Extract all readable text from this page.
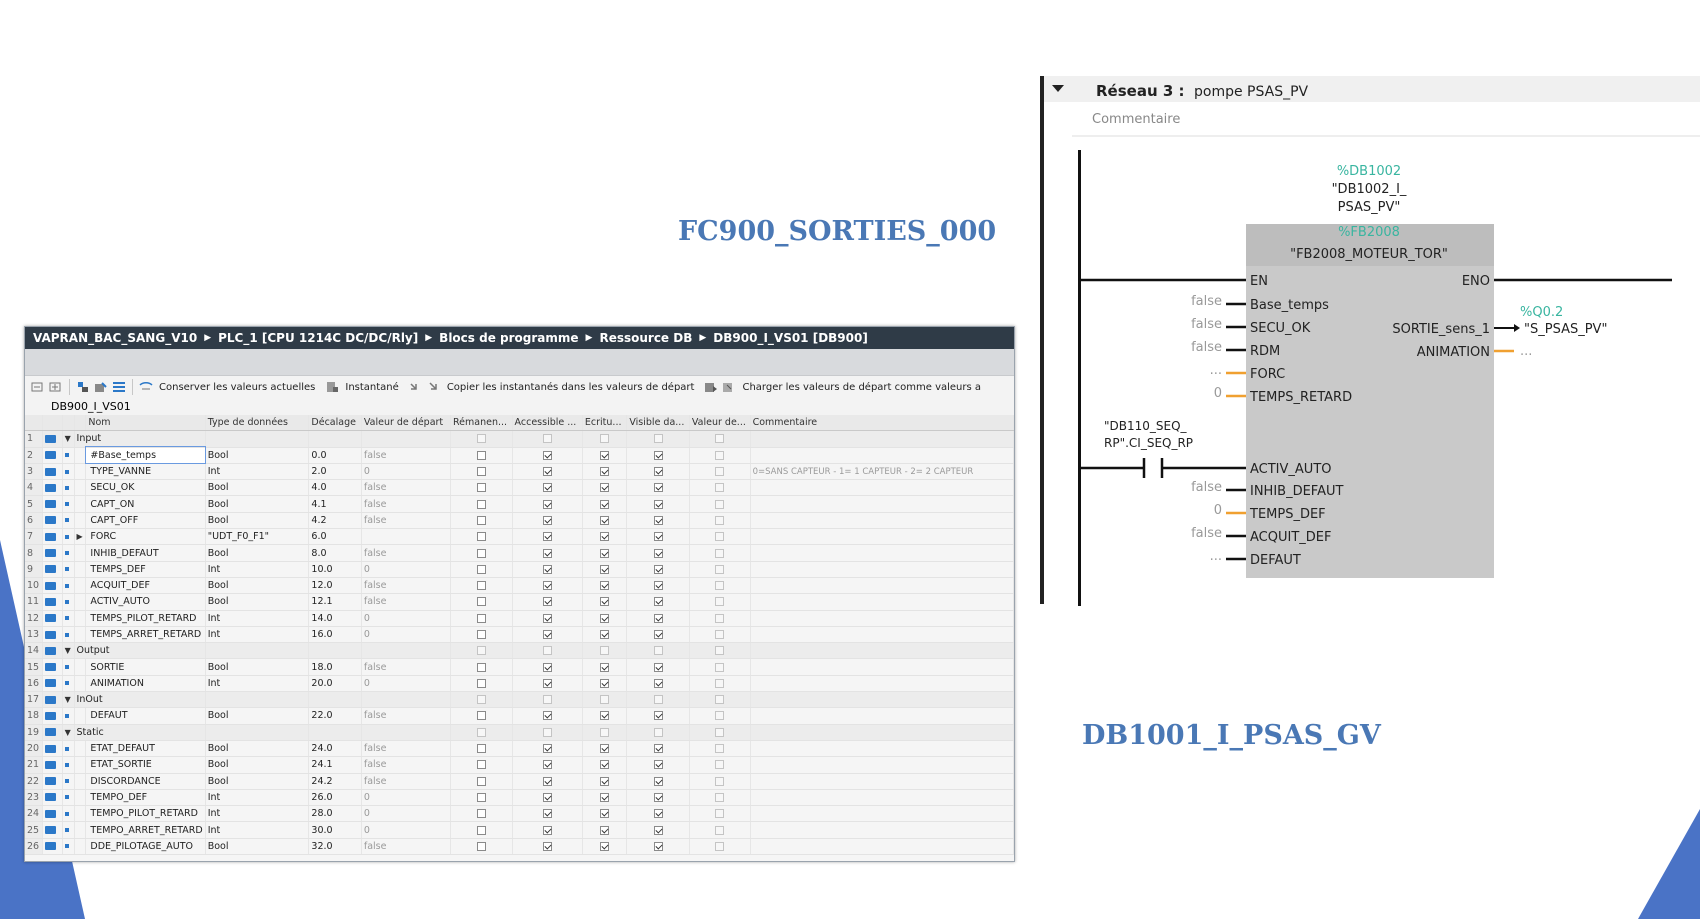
FC900_SORTIES_000
DB1001_I_PSAS_GV
VAPRAN_BAC_SANG_V10 ▶ PLC_1 [CPU 1214C DC/DC/Rly] ▶ Blocs de programme ▶ Ressource DB ▶ DB900_I_VS01 [DB900]
Conserver les valeurs actuelles	Instantané	Copier les instantanés dans les valeurs de départ	Charger les valeurs de départ comme valeurs a
DB900_I_VS01
				Nom	Type de données	Décalage	Valeur de départ	Rémanen...	Accessible ...	Ecritu...	Visible da...	Valeur de...	Commentaire
1		▼	Input										
2				#Base_temps	Bool	0.0	false						
3				TYPE_VANNE	Int	2.0	0						0=SANS CAPTEUR - 1= 1 CAPTEUR - 2= 2 CAPTEUR
4				SECU_OK	Bool	4.0	false						
5				CAPT_ON	Bool	4.1	false						
6				CAPT_OFF	Bool	4.2	false						
7			▶	FORC	"UDT_F0_F1"	6.0							
8				INHIB_DEFAUT	Bool	8.0	false						
9				TEMPS_DEF	Int	10.0	0						
10				ACQUIT_DEF	Bool	12.0	false						
11				ACTIV_AUTO	Bool	12.1	false						
12				TEMPS_PILOT_RETARD	Int	14.0	0						
13				TEMPS_ARRET_RETARD	Int	16.0	0						
14		▼	Output										
15				SORTIE	Bool	18.0	false						
16				ANIMATION	Int	20.0	0						
17		▼	InOut										
18				DEFAUT	Bool	22.0	false						
19		▼	Static										
20				ETAT_DEFAUT	Bool	24.0	false						
21				ETAT_SORTIE	Bool	24.1	false						
22				DISCORDANCE	Bool	24.2	false						
23				TEMPO_DEF	Int	26.0	0						
24				TEMPO_PILOT_RETARD	Int	28.0	0						
25				TEMPO_ARRET_RETARD	Int	30.0	0						
26				DDE_PILOTAGE_AUTO	Bool	32.0	false						
Réseau 3 : pompe PSAS_PV
Commentaire
%DB1002
"DB1002_I_
PSAS_PV"
%FB2008
"FB2008_MOTEUR_TOR"
EN	ENO
"DB110_SEQ_
RP".CI_SEQ_RP
SORTIE_sens_1
%Q0.2
"S_PSAS_PV"
ANIMATION ...
Base_temps
false
SECU_OK
false
RDM
false
FORC
...
TEMPS_RETARD
0
ACTIV_AUTO
INHIB_DEFAUT
false
TEMPS_DEF
0
ACQUIT_DEF
false
DEFAUT
...
